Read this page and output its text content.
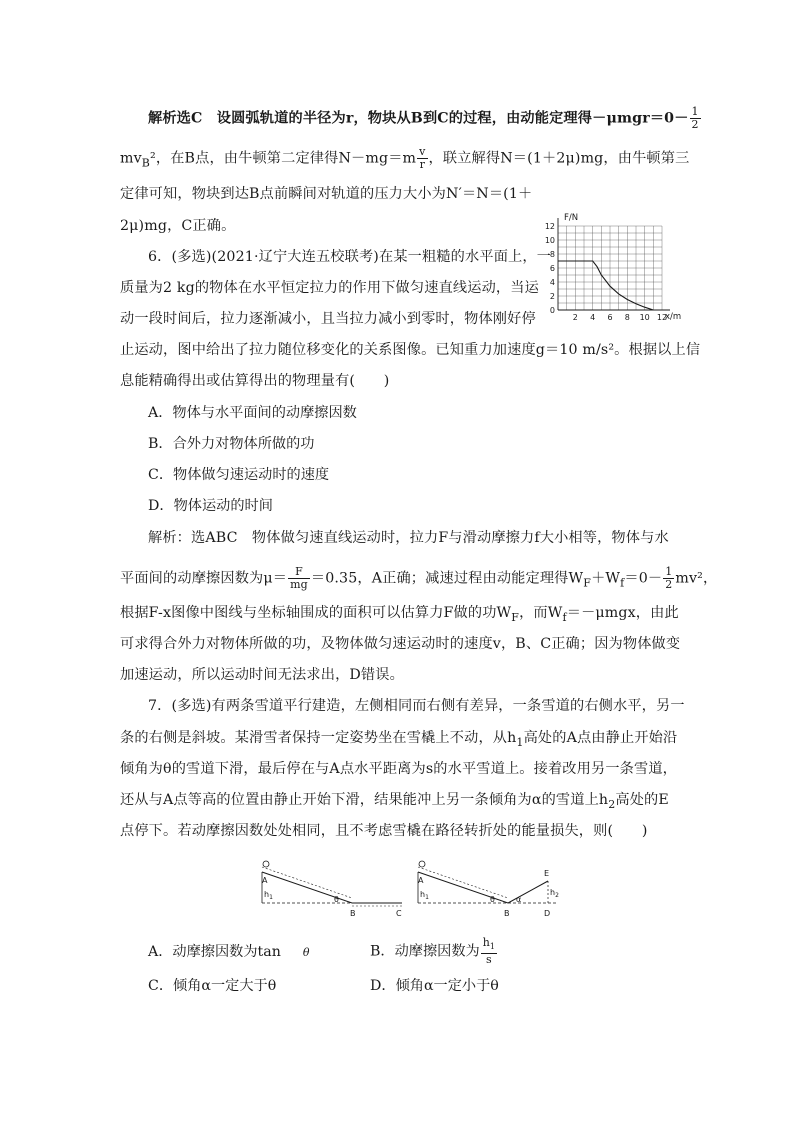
解析选C　设圆弧轨道的半径为r，物块从B到C的过程，由动能定理得$-\mu mgr=0- \frac{1}{2}$
$mv_B^2$，在B点，由牛顿第二定律得$N-mg=m \frac{v}{r}$ ，联立解得N＝(1＋2μ)mg，由牛顿第三
定律可知，物块到达B点前瞬间对轨道的压力大小为N′＝N＝(1＋
2μ)mg，C正确。
6．(多选)(2021·辽宁大连五校联考)在某一粗糙的水平面上，一
质量为2 kg的物体在水平恒定拉力的作用下做匀速直线运动，当运
动一段时间后，拉力逐渐减小，且当拉力减小到零时，物体刚好停
止运动，图中给出了拉力随位移变化的关系图像。已知重力加速度g＝10 m/s²。根据以上信
息能精确得出或估算得出的物理量有(　　)
A．物体与水平面间的动摩擦因数
B．合外力对物体所做的功
C．物体做匀速运动时的速度
D．物体运动的时间
12
10
8
6
4
2
0
2 4 6 8 10 12
F/N
x/m
解析：选ABC　物体做匀速直线运动时，拉力F与滑动摩擦力f大小相等，物体与水
平面间的动摩擦因数为$\mu= \frac{F}{mg} =0.35$，A正确；减速过程由动能定理得$W_F+W_f=0- \frac{1}{2} mv^2$，
根据F-x图像中图线与坐标轴围成的面积可以估算力F做的功$W_F$，而$W_f=-\mu mgx$，由此
可求得合外力对物体所做的功，及物体做匀速运动时的速度v，B、C正确；因为物体做变
加速运动，所以运动时间无法求出，D错误。
7．(多选)有两条雪道平行建造，左侧相同而右侧有差异，一条雪道的右侧水平，另一
条的右侧是斜坡。某滑雪者保持一定姿势坐在雪橇上不动，从$h_1$高处的A点由静止开始沿
倾角为θ的雪道下滑，最后停在与A点水平距离为s的水平雪道上。接着改用另一条雪道，
还从与A点等高的位置由静止开始下滑，结果能冲上另一条倾角为α的雪道上$h_2$高处的E
点停下。若动摩擦因数处处相同，且不考虑雪橇在路径转折处的能量损失，则(　　)
A
$h_1$	θ
B	C
A
$h_1$	θ
B
α
E
$h_2$
D
A．动摩擦因数为tan θ	B．动摩擦因数为 $\frac{h_1}{s}$
C．倾角α一定大于θ	D．倾角α一定小于θ
